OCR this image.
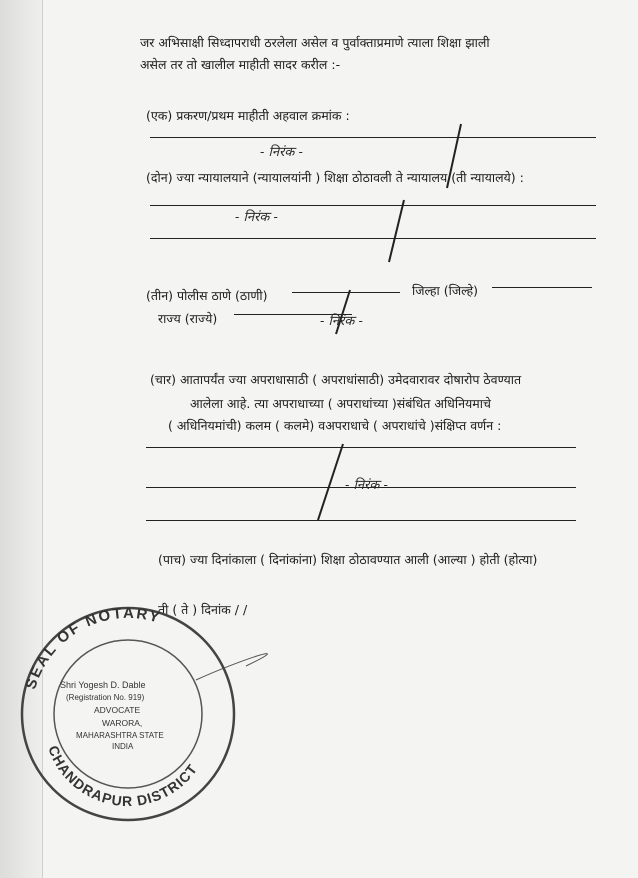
जर अभिसाक्षी सिध्दापराधी ठरलेला असेल व पुर्वाक्ताप्रमाणे त्याला शिक्षा झाली
असेल तर तो खालील माहीती सादर करील :-
(एक) प्रकरण/प्रथम माहीती अहवाल क्रमांक :
- निरंक -
(दोन) ज्या न्यायालयाने (न्यायालयांनी ) शिक्षा ठोठावली ते न्यायालय (ती न्यायालये) :
- निरंक -
(तीन) पोलीस ठाणे (ठाणी)	जिल्हा (जिल्हे)
राज्य (राज्ये)	- निरंक -
(चार) आतापर्यंत ज्या अपराधासाठी ( अपराधांसाठी) उमेदवारावर दोषारोप ठेवण्यात
आलेला आहे. त्या अपराधाच्या ( अपराधांच्या )संबंधित अधिनियमाचे
( अधिनियमांची) कलम ( कलमे) वअपराधाचे ( अपराधांचे )संक्षिप्त वर्णन :
- निरंक -
(पाच) ज्या दिनांकाला ( दिनांकांना) शिक्षा ठोठावण्यात आली (आल्या ) होती (होत्या)
ती ( ते ) दिनांक / /
SEAL OF NOTARY
CHANDRAPUR DISTRICT
Shri Yogesh D. Dable
(Registration No. 919)
ADVOCATE
WARORA,
MAHARASHTRA STATE
INDIA
